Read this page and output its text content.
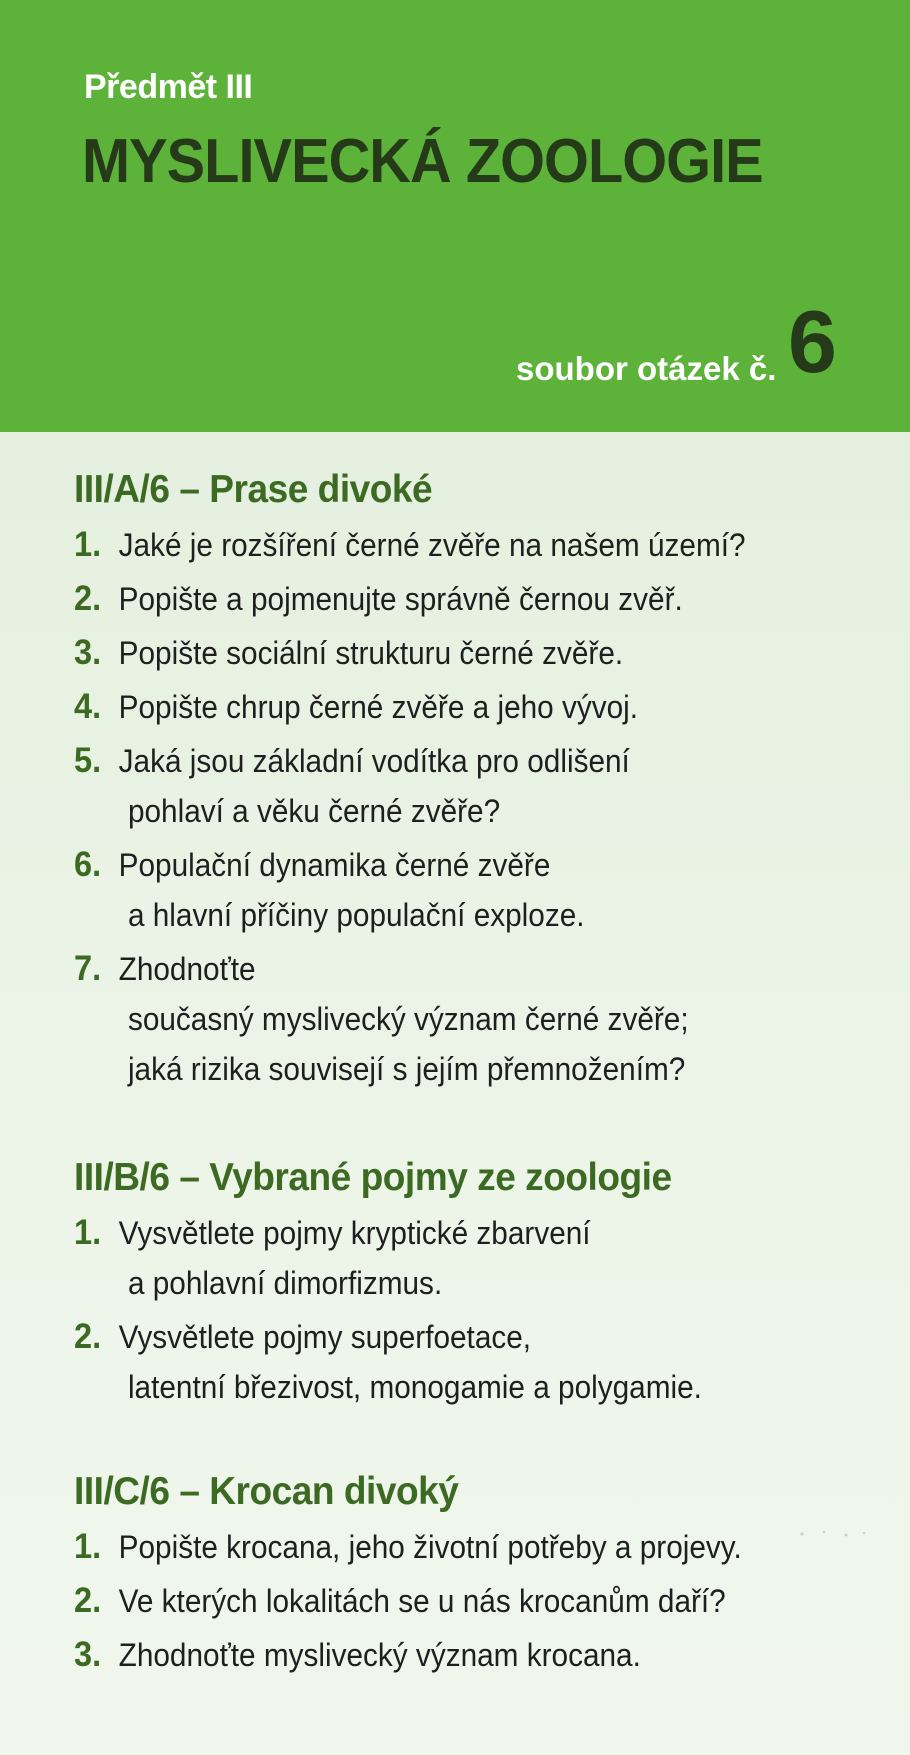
Předmět III
MYSLIVECKÁ ZOOLOGIE
soubor otázek č. 6
III/A/6 – Prase divoké
1. Jaké je rozšíření černé zvěře na našem území?
2. Popište a pojmenujte správně černou zvěř.
3. Popište sociální strukturu černé zvěře.
4. Popište chrup černé zvěře a jeho vývoj.
5. Jaká jsou základní vodítka pro odlišení
pohlaví a věku černé zvěře?
6. Populační dynamika černé zvěře
a hlavní příčiny populační exploze.
7. Zhodnoťte
současný myslivecký význam černé zvěře;
jaká rizika souvisejí s jejím přemnožením?
III/B/6 – Vybrané pojmy ze zoologie
1. Vysvětlete pojmy kryptické zbarvení
a pohlavní dimorfizmus.
2. Vysvětlete pojmy superfoetace,
latentní březivost, monogamie a polygamie.
III/C/6 – Krocan divoký
1. Popište krocana, jeho životní potřeby a projevy.
2. Ve kterých lokalitách se u nás krocanům daří?
3. Zhodnoťte myslivecký význam krocana.
